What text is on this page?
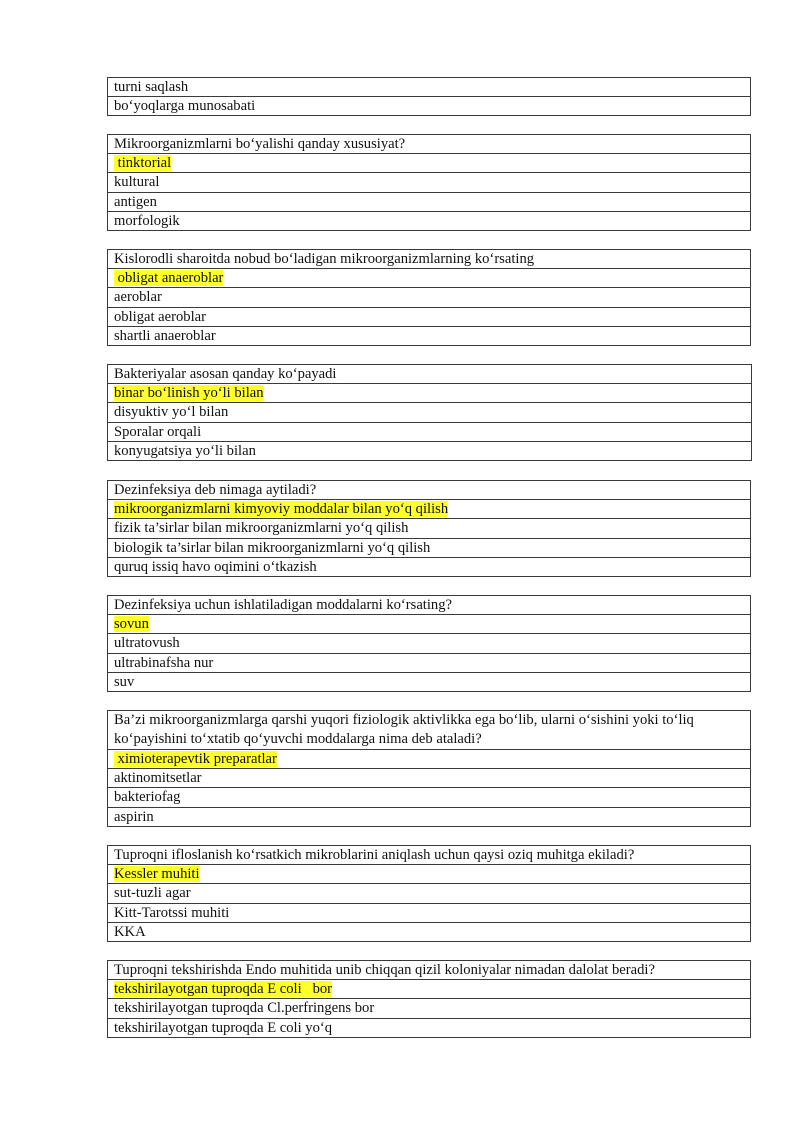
turni saqlash
bo‘yoqlarga munosabati
Mikroorganizmlarni bo‘yalishi qanday xususiyat?
tinktorial
kultural
antigen
morfologik
Kislorodli sharoitda nobud bo‘ladigan mikroorganizmlarning ko‘rsating
obligat anaeroblar
aeroblar
obligat aeroblar
shartli anaeroblar
Bakteriyalar asosan qanday ko‘payadi
binar bo‘linish yo‘li bilan
disyuktiv yo‘l bilan
Sporalar orqali
konyugatsiya yo‘li bilan
Dezinfeksiya deb nimaga aytiladi?
mikroorganizmlarni kimyoviy moddalar bilan yo‘q qilish
fizik ta’sirlar bilan mikroorganizmlarni yo‘q qilish
biologik ta’sirlar bilan mikroorganizmlarni yo‘q qilish
quruq issiq havo oqimini o‘tkazish
Dezinfeksiya uchun ishlatiladigan moddalarni ko‘rsating?
sovun
ultratovush
ultrabinafsha nur
suv
Ba’zi mikroorganizmlarga qarshi yuqori fiziologik aktivlikka ega bo‘lib, ularni o‘sishini yoki to‘liq ko‘payishini to‘xtatib qo‘yuvchi moddalarga nima deb ataladi?
ximioterapevtik preparatlar
aktinomitsetlar
bakteriofag
aspirin
Tuproqni ifloslanish ko‘rsatkich mikroblarini aniqlash uchun qaysi oziq muhitga ekiladi?
Kessler muhiti
sut-tuzli agar
Kitt-Tarotssi muhiti
KKA
Tuproqni tekshirishda Endo muhitida unib chiqqan qizil koloniyalar nimadan dalolat beradi?
tekshirilayotgan tuproqda E coli   bor
tekshirilayotgan tuproqda Cl.perfringens bor
tekshirilayotgan tuproqda E coli yo‘q
